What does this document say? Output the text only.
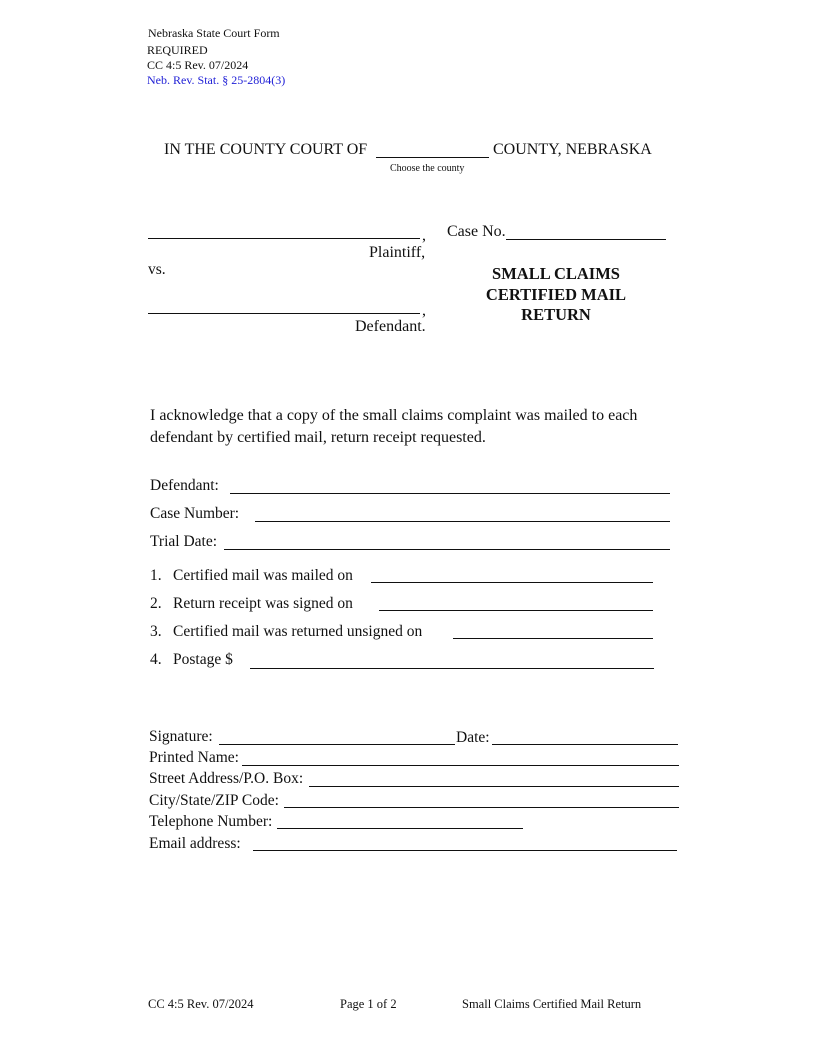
Nebraska State Court Form
REQUIRED
CC 4:5 Rev. 07/2024
Neb. Rev. Stat. § 25-2804(3)
IN THE COUNTY COURT OF	COUNTY, NEBRASKA
Choose the county
,
Plaintiff,
vs.
,
Defendant.
Case No.
SMALL CLAIMS
CERTIFIED MAIL
RETURN
I acknowledge that a copy of the small claims complaint was mailed to each
defendant by certified mail, return receipt requested.
Defendant:
Case Number:
Trial Date:
1. Certified mail was mailed on
2. Return receipt was signed on
3. Certified mail was returned unsigned on
4. Postage $
Signature:	Date:
Printed Name:
Street Address/P.O. Box:
City/State/ZIP Code:
Telephone Number:
Email address:
CC 4:5 Rev. 07/2024	Page 1 of 2	Small Claims Certified Mail Return
